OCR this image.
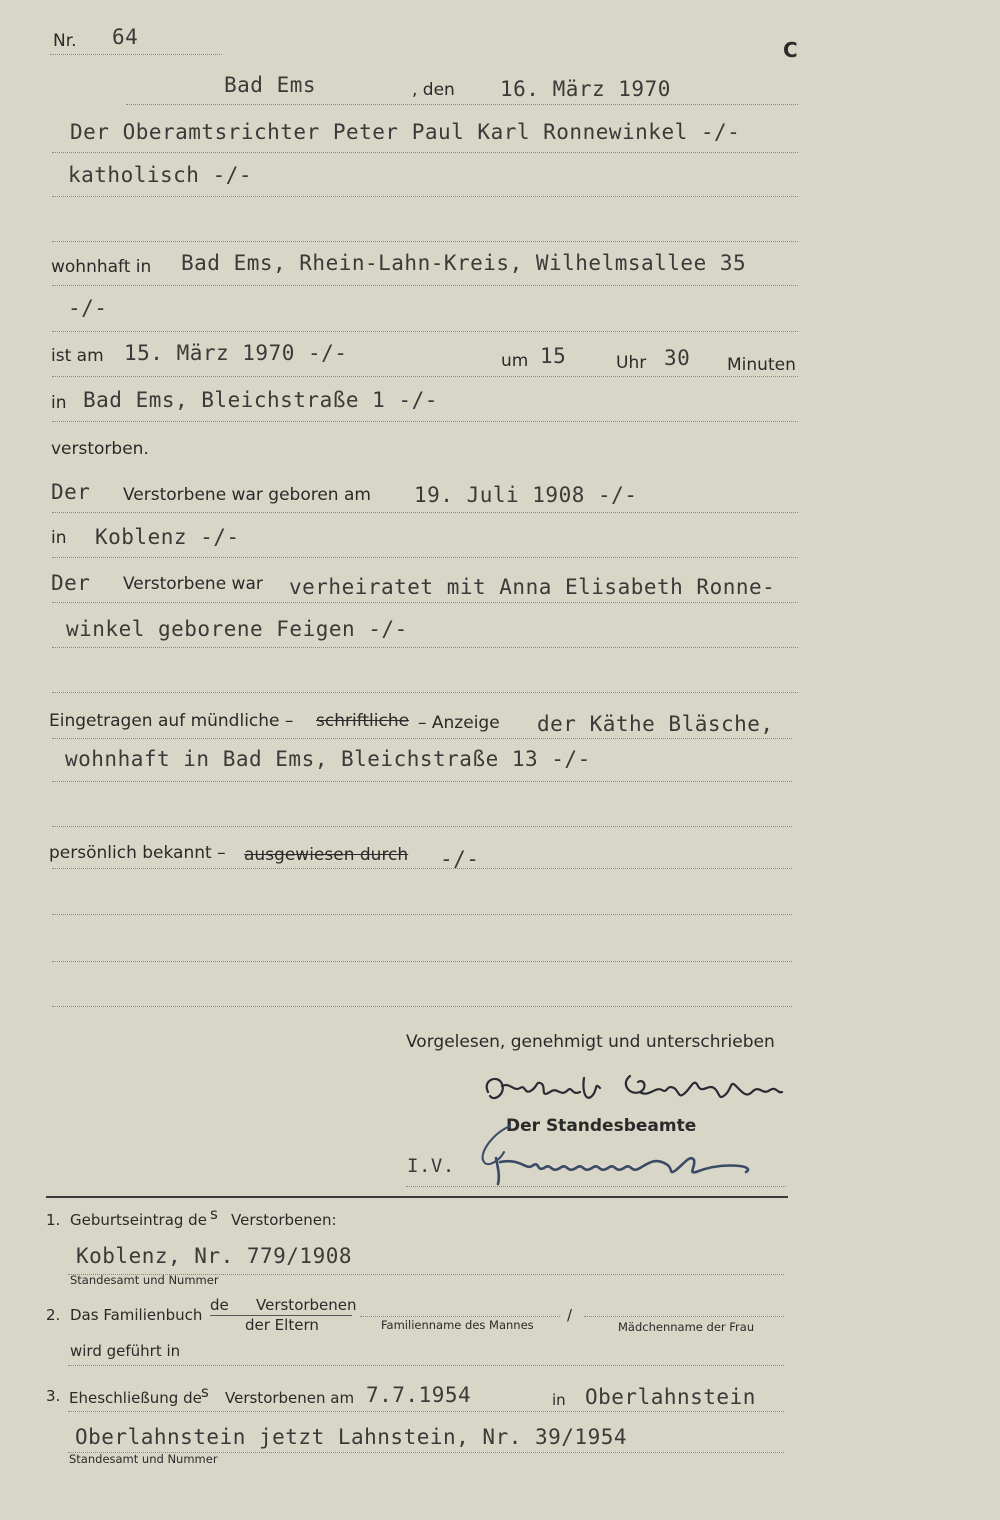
Nr. 64
C
Bad Ems	, den 16. März 1970
Der Oberamtsrichter Peter Paul Karl Ronnewinkel -/-
katholisch -/-
wohnhaft in Bad Ems, Rhein-Lahn-Kreis, Wilhelmsallee 35
-/-
ist am 15. März 1970 -/-	um 15	Uhr 30 Minuten
in Bad Ems, Bleichstraße 1 -/-
verstorben.
Der Verstorbene war geboren am 19. Juli 1908 -/-
in Koblenz -/-
Der Verstorbene war verheiratet mit Anna Elisabeth Ronne-
winkel geborene Feigen -/-
Eingetragen auf mündliche – schriftliche – Anzeige der Käthe Bläsche,
wohnhaft in Bad Ems, Bleichstraße 13 -/-
persönlich bekannt – ausgewiesen durch -/-
Vorgelesen, genehmigt und unterschrieben
Der Standesbeamte
I.V.
1. Geburtseintrag de s Verstorbenen:
Koblenz, Nr. 779/1908
Standesamt und Nummer
2. Das Familienbuch
de Verstorbenen
der Eltern	Familienname des Mannes
/
Mädchenname der Frau
wird geführt in
3. Eheschließung de s Verstorbenen am 7.7.1954	in Oberlahnstein
Oberlahnstein jetzt Lahnstein, Nr. 39/1954
Standesamt und Nummer
